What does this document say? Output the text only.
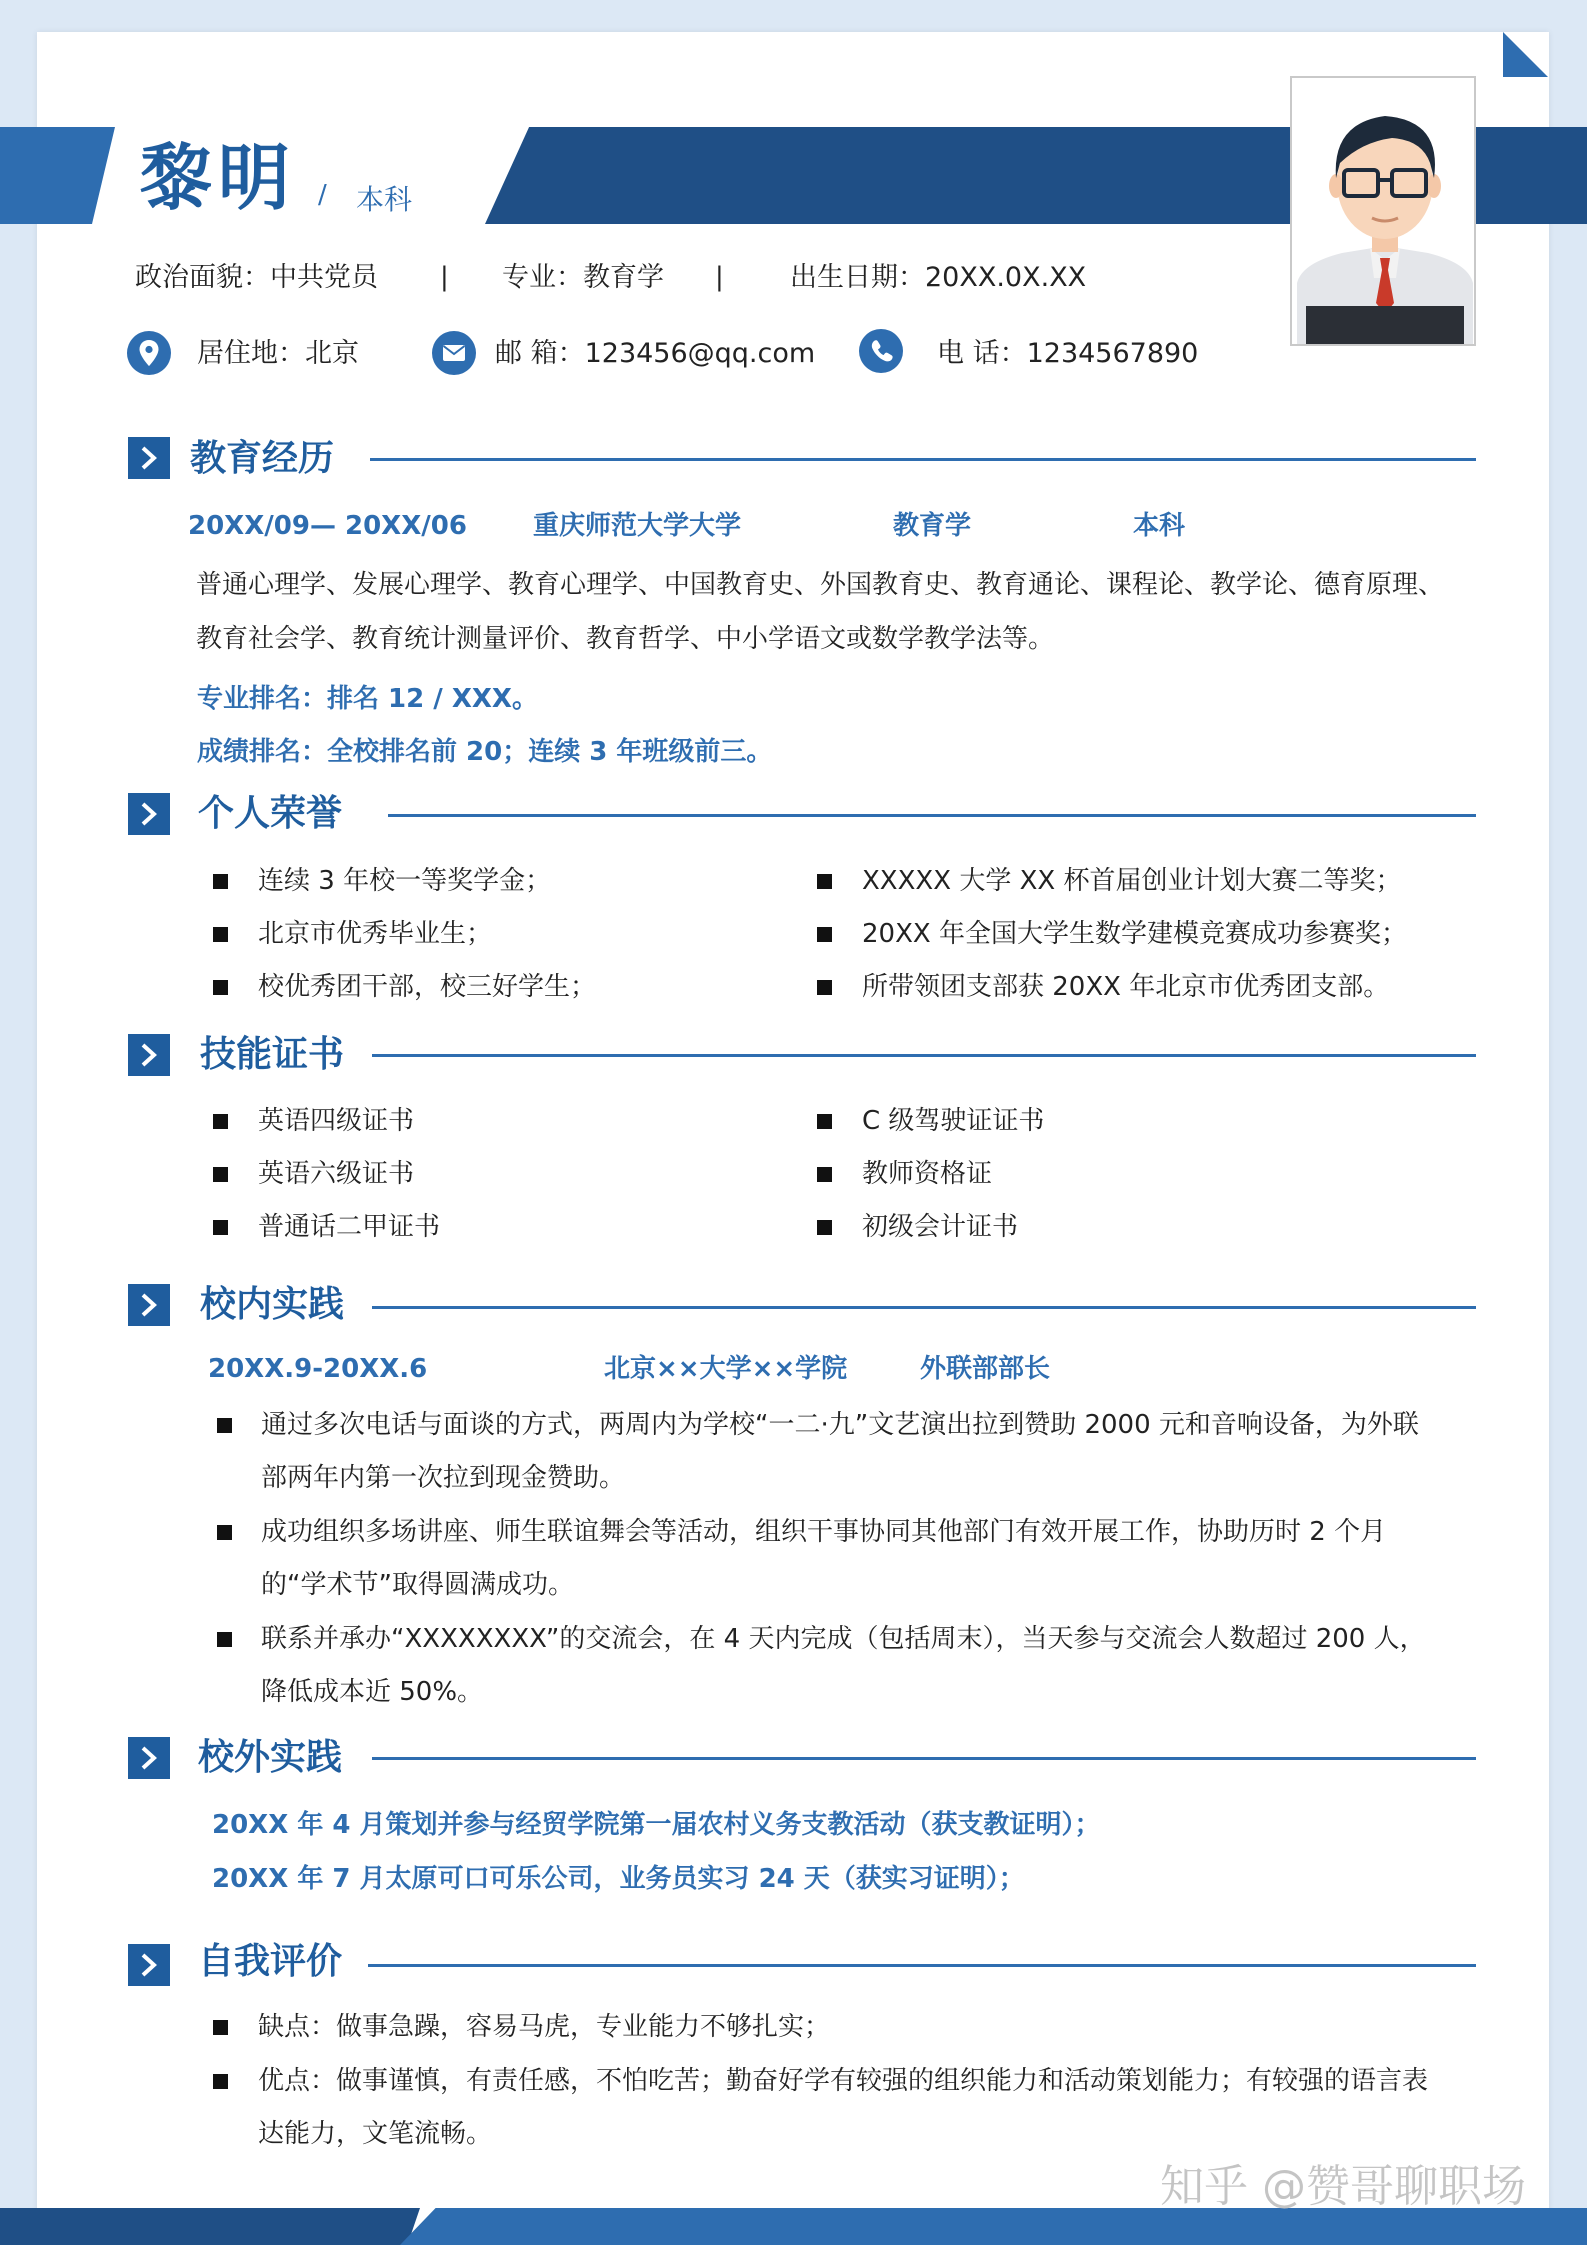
黎明 / 本科
政治面貌：中共党员 | 专业：教育学 | 出生日期：20XX.0X.XX
居住地：北京	邮 箱：123456@qq.com	电 话：1234567890
教育经历
20XX/09— 20XX/06	重庆师范大学大学	教育学	本科
普通心理学、发展心理学、教育心理学、中国教育史、外国教育史、教育通论、课程论、教学论、德育原理、教育社会学、教育统计测量评价、教育哲学、中小学语文或数学教学法等。
专业排名：排名 12 / XXX。
成绩排名：全校排名前 20；连续 3 年班级前三。
个人荣誉
连续 3 年校一等奖学金；
北京市优秀毕业生；
校优秀团干部，校三好学生；
XXXXX 大学 XX 杯首届创业计划大赛二等奖；
20XX 年全国大学生数学建模竞赛成功参赛奖；
所带领团支部获 20XX 年北京市优秀团支部。
技能证书
英语四级证书
英语六级证书
普通话二甲证书
C 级驾驶证证书
教师资格证
初级会计证书
校内实践
20XX.9-20XX.6	北京××大学××学院	外联部部长
通过多次电话与面谈的方式，两周内为学校“一二·九”文艺演出拉到赞助 2000 元和音响设备，为外联部两年内第一次拉到现金赞助。
成功组织多场讲座、师生联谊舞会等活动，组织干事协同其他部门有效开展工作，协助历时 2 个月的“学术节”取得圆满成功。
联系并承办“XXXXXXXX”的交流会，在 4 天内完成（包括周末），当天参与交流会人数超过 200 人，降低成本近 50%。
校外实践
20XX 年 4 月策划并参与经贸学院第一届农村义务支教活动（获支教证明）；
20XX 年 7 月太原可口可乐公司，业务员实习 24 天（获实习证明）；
自我评价
缺点：做事急躁，容易马虎，专业能力不够扎实；
优点：做事谨慎，有责任感，不怕吃苦；勤奋好学有较强的组织能力和活动策划能力；有较强的语言表达能力，文笔流畅。
知乎 @赞哥聊职场
